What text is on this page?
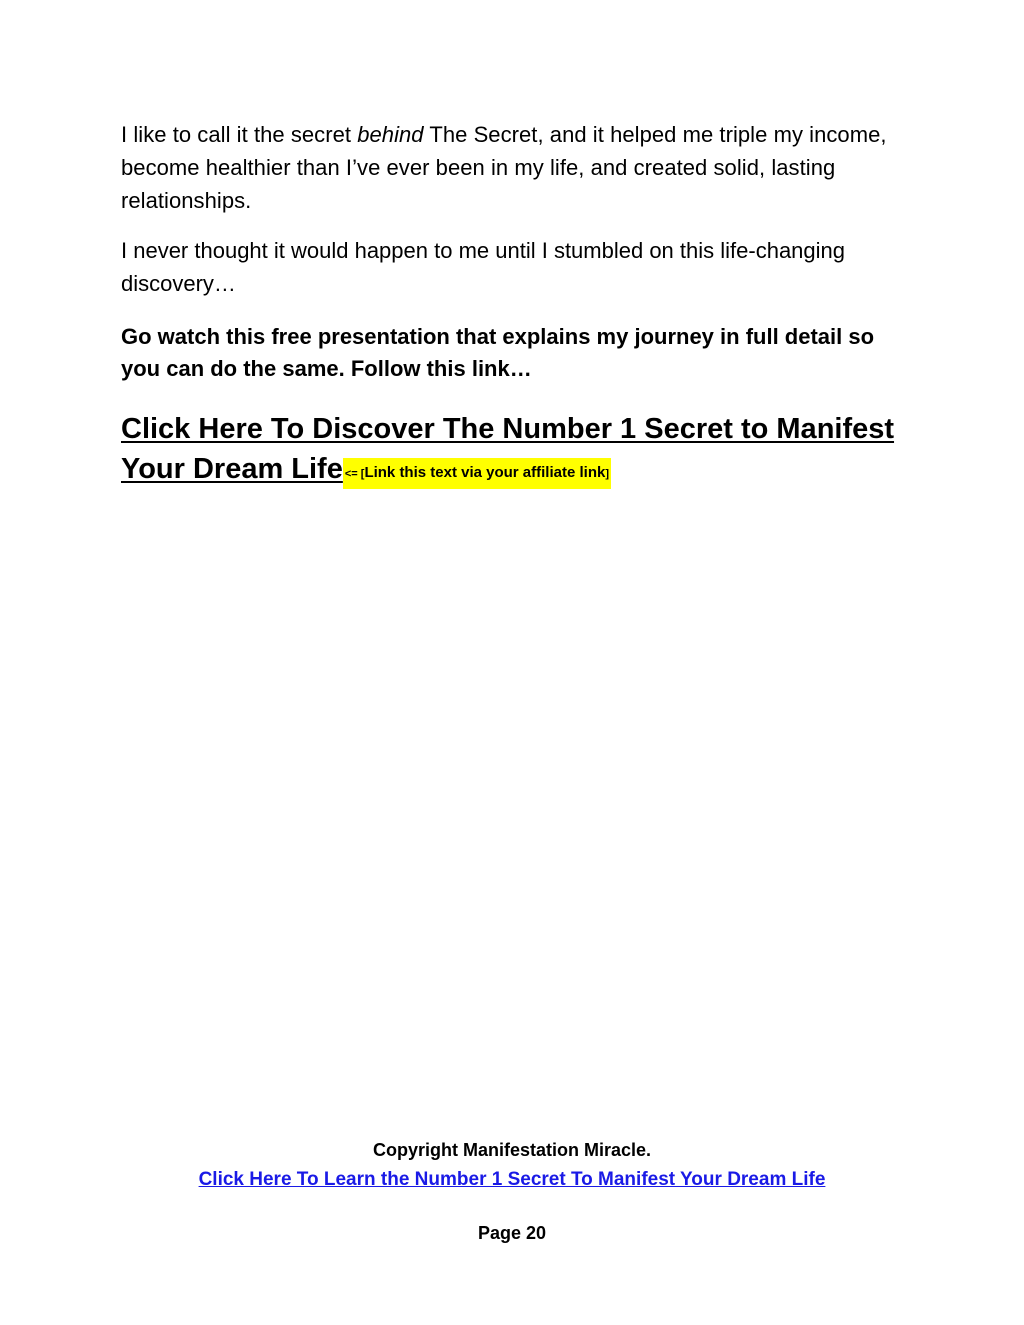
I like to call it the secret behind The Secret, and it helped me triple my income, become healthier than I’ve ever been in my life, and created solid, lasting relationships.

I never thought it would happen to me until I stumbled on this life-changing discovery…

Go watch this free presentation that explains my journey in full detail so you can do the same. Follow this link…

Click Here To Discover The Number 1 Secret to Manifest Your Dream Life<= [Link this text via your affiliate link]

Copyright Manifestation Miracle.
Click Here To Learn the Number 1 Secret To Manifest Your Dream Life
Page 20
